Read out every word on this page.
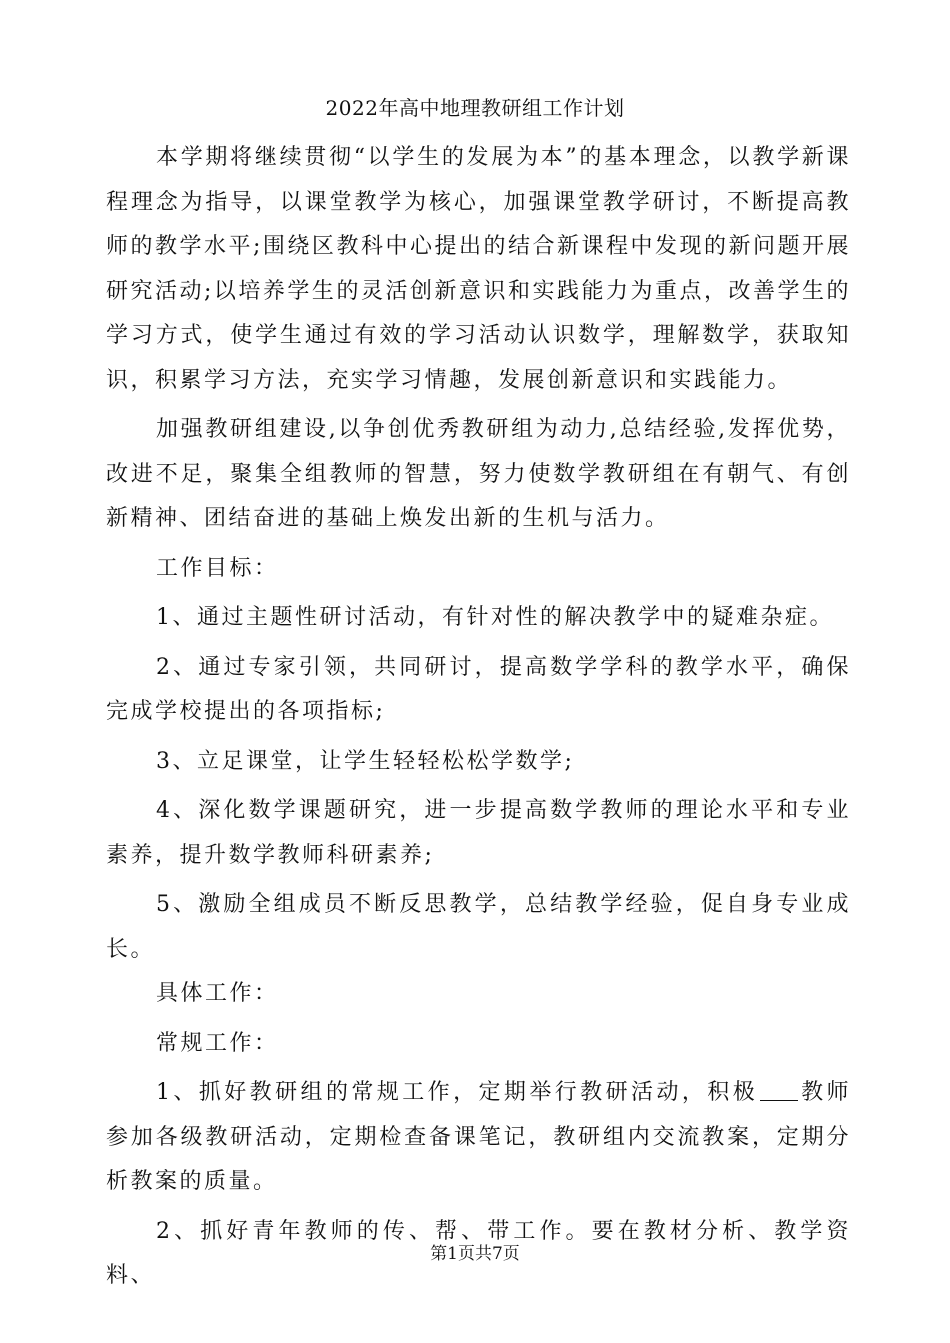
2022年高中地理教研组工作计划

本学期将继续贯彻“以学生的发展为本”的基本理念，以教学新课程理念为指导，以课堂教学为核心，加强课堂教学研讨，不断提高教师的教学水平;围绕区教科中心提出的结合新课程中发现的新问题开展研究活动;以培养学生的灵活创新意识和实践能力为重点，改善学生的学习方式，使学生通过有效的学习活动认识数学，理解数学，获取知识，积累学习方法，充实学习情趣，发展创新意识和实践能力。

加强教研组建设,以争创优秀教研组为动力,总结经验,发挥优势，改进不足，聚集全组教师的智慧，努力使数学教研组在有朝气、有创新精神、团结奋进的基础上焕发出新的生机与活力。

工作目标：

1、通过主题性研讨活动，有针对性的解决教学中的疑难杂症。

2、通过专家引领，共同研讨，提高数学学科的教学水平，确保完成学校提出的各项指标;

3、立足课堂，让学生轻轻松松学数学;

4、深化数学课题研究，进一步提高数学教师的理论水平和专业素养，提升数学教师科研素养;

5、激励全组成员不断反思教学，总结教学经验，促自身专业成长。

具体工作：

常规工作：

1、抓好教研组的常规工作，定期举行教研活动，积极 教师参加各级教研活动，定期检查备课笔记，教研组内交流教案，定期分析教案的质量。

2、抓好青年教师的传、帮、带工作。要在教材分析、教学资料、

第1页共7页
